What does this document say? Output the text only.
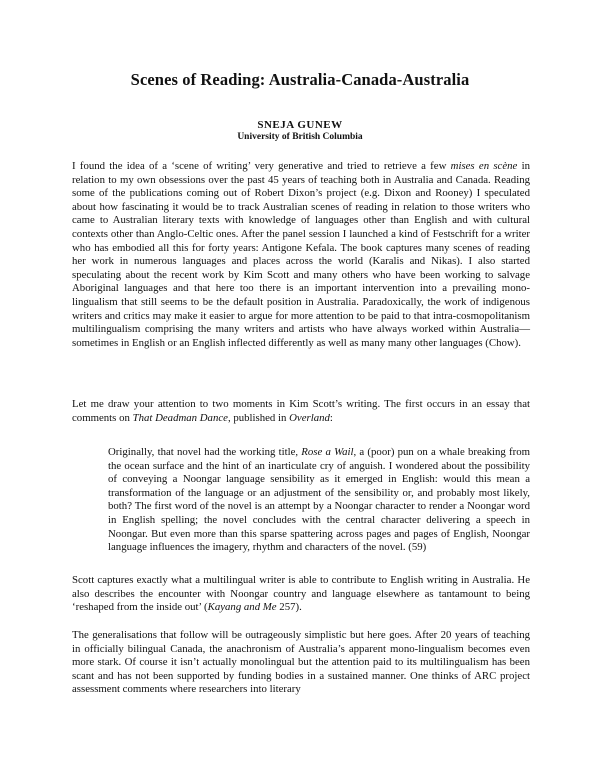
Scenes of Reading: Australia-Canada-Australia
SNEJA GUNEW
University of British Columbia

I found the idea of a ‘scene of writing’ very generative and tried to retrieve a few mises en scène in relation to my own obsessions over the past 45 years of teaching both in Australia and Canada. Reading some of the publications coming out of Robert Dixon’s project (e.g. Dixon and Rooney) I speculated about how fascinating it would be to track Australian scenes of reading in relation to those writers who came to Australian literary texts with knowledge of languages other than English and with cultural contexts other than Anglo-Celtic ones. After the panel session I launched a kind of Festschrift for a writer who has embodied all this for forty years: Antigone Kefala. The book captures many scenes of reading her work in numerous languages and places across the world (Karalis and Nikas). I also started speculating about the recent work by Kim Scott and many others who have been working to salvage Aboriginal languages and that here too there is an important intervention into a prevailing mono-lingualism that still seems to be the default position in Australia. Paradoxically, the work of indigenous writers and critics may make it easier to argue for more attention to be paid to that intra-cosmopolitanism multilingualism comprising the many writers and artists who have always worked within Australia—sometimes in English or an English inflected differently as well as many many other languages (Chow).

Let me draw your attention to two moments in Kim Scott’s writing. The first occurs in an essay that comments on That Deadman Dance, published in Overland:

Originally, that novel had the working title, Rose a Wail, a (poor) pun on a whale breaking from the ocean surface and the hint of an inarticulate cry of anguish. I wondered about the possibility of conveying a Noongar language sensibility as it emerged in English: would this mean a transformation of the language or an adjustment of the sensibility or, and probably most likely, both? The first word of the novel is an attempt by a Noongar character to render a Noongar word in English spelling; the novel concludes with the central character delivering a speech in Noongar. But even more than this sparse spattering across pages and pages of English, Noongar language influences the imagery, rhythm and characters of the novel. (59)

Scott captures exactly what a multilingual writer is able to contribute to English writing in Australia. He also describes the encounter with Noongar country and language elsewhere as tantamount to being ‘reshaped from the inside out’ (Kayang and Me 257).

The generalisations that follow will be outrageously simplistic but here goes. After 20 years of teaching in officially bilingual Canada, the anachronism of Australia’s apparent mono-lingualism becomes even more stark. Of course it isn’t actually monolingual but the attention paid to its multilingualism has been scant and has not been supported by funding bodies in a sustained manner. One thinks of ARC project assessment comments where researchers into literary
